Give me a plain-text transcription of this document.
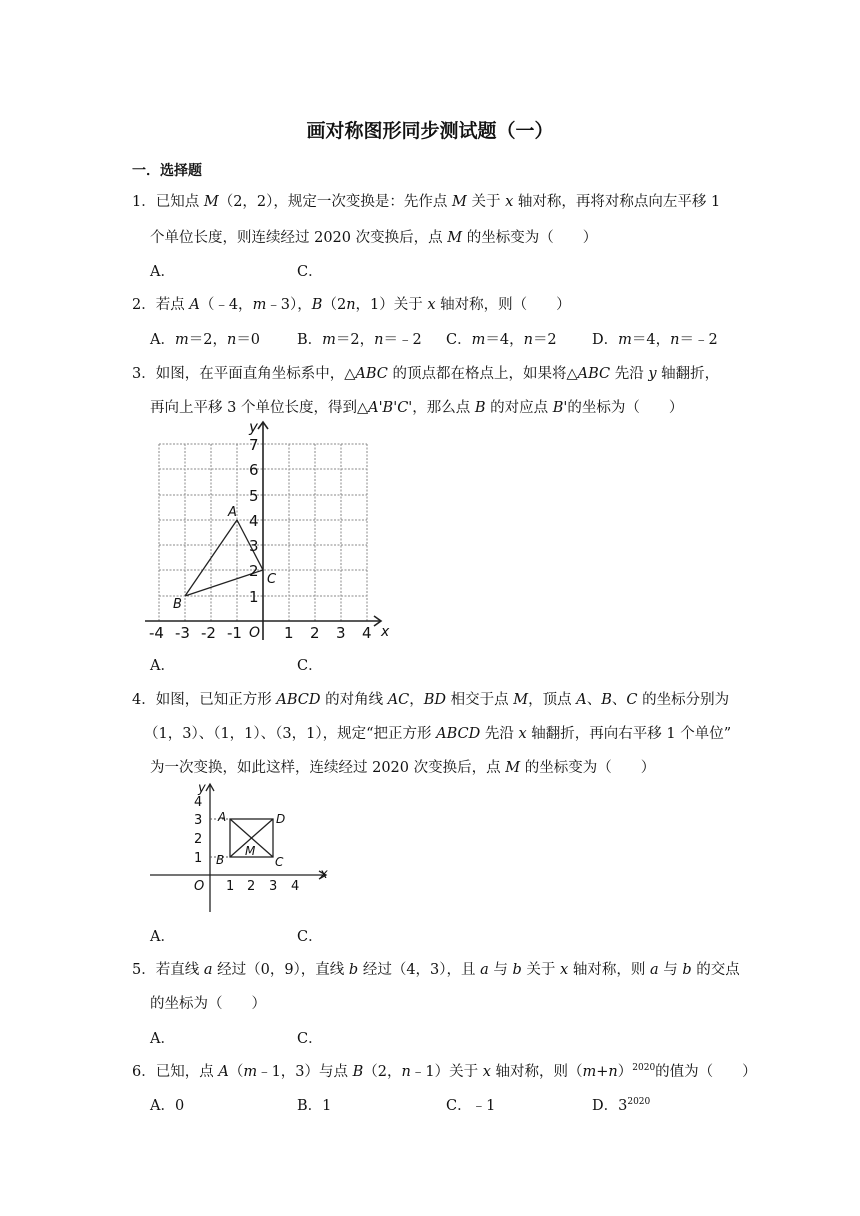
画对称图形同步测试题（一）
一．选择题
1．已知点 M（2，2），规定一次变换是：先作点 M 关于 x 轴对称，再将对称点向左平移 1
个单位长度，则连续经过 2020 次变换后，点 M 的坐标变为（　　）
A．	C．
2．若点 A（﹣4，m﹣3），B（2n，1）关于 x 轴对称，则（　　）
A．m＝2，n＝0	B．m＝2，n＝﹣2 C．m＝4，n＝2 D．m＝4，n＝﹣2
3．如图，在平面直角坐标系中，△ABC 的顶点都在格点上，如果将△ABC 先沿 y 轴翻折，
再向上平移 3 个单位长度，得到△A'B'C'，那么点 B 的对应点 B'的坐标为（　　）
y
x
O
7
6
5
4
3
2
1
-4 -3 -2 -1	1 2 3 4
A
B
C
A．	C．
4．如图，已知正方形 ABCD 的对角线 AC，BD 相交于点 M，顶点 A、B、C 的坐标分别为
（1，3）、（1，1）、（3，1），规定“把正方形 ABCD 先沿 x 轴翻折，再向右平移 1 个单位”
为一次变换，如此这样，连续经过 2020 次变换后，点 M 的坐标变为（　　）
y
x
O
4
3
2
1
1 2 3 4
A
B	C
D
M
A．	C．
5．若直线 a 经过（0，9），直线 b 经过（4，3），且 a 与 b 关于 x 轴对称，则 a 与 b 的交点
的坐标为（　　）
A．	C．
6．已知，点 A（m﹣1，3）与点 B（2，n﹣1）关于 x 轴对称，则$(m+n)^{2020}$的值为（　　）
A．0	B．1	C．﹣1	D．$3^{2020}$
